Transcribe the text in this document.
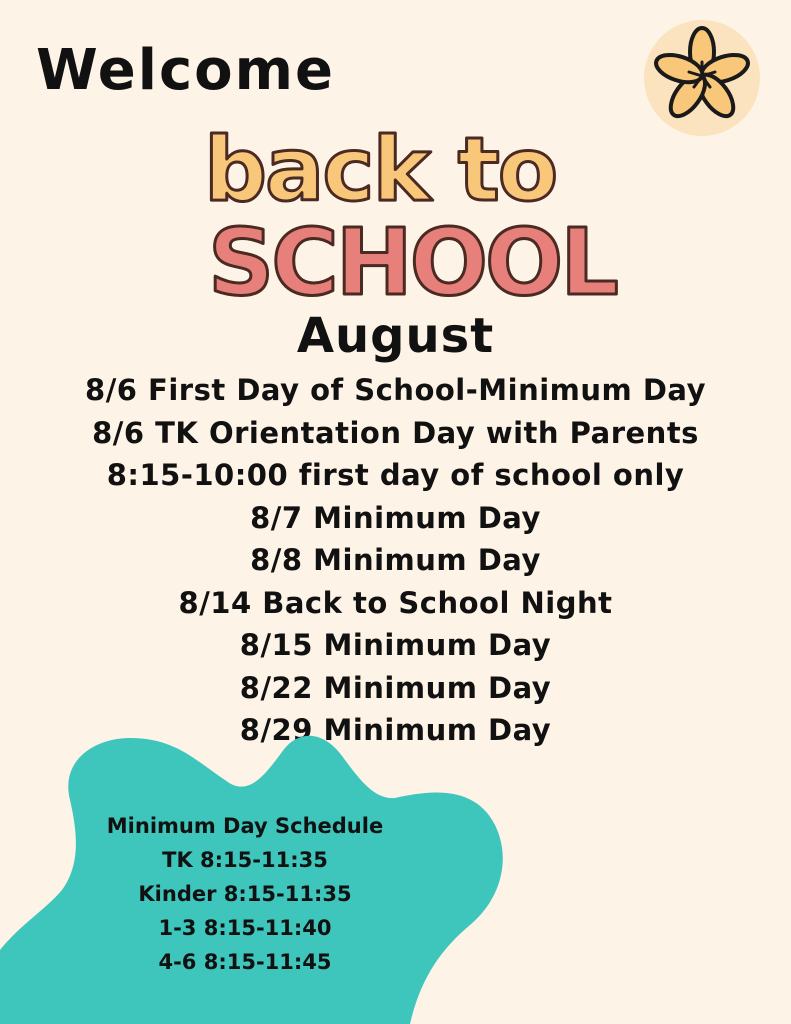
Welcome
back to
SCHOOL
August
8/6 First Day of School-Minimum Day
8/6 TK Orientation Day with Parents
8:15-10:00 first day of school only
8/7 Minimum Day
8/8 Minimum Day
8/14 Back to School Night
8/15 Minimum Day
8/22 Minimum Day
8/29 Minimum Day
Minimum Day Schedule
TK 8:15-11:35
Kinder 8:15-11:35
1-3 8:15-11:40
4-6 8:15-11:45
